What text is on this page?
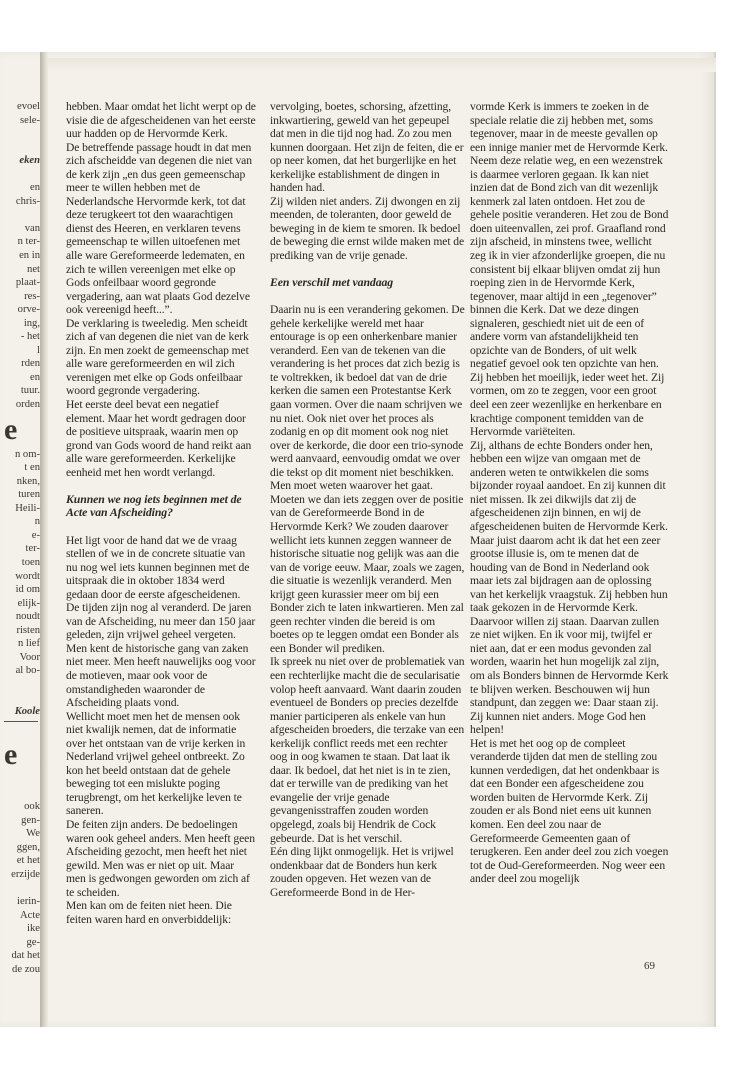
evoel
sele-

eken

en
chris-

van
n ter-
en in
net
plaat-
res-
orve-
ing,
- het
l
rden
en
tuur.
orden
e
n om-
t en
nken,
turen
Heili-
n
e-
ter-
toen
wordt
id om
elijk-
noudt
risten
n lief
Voor
al bo-

Koole

e

ook
gen-
We
ggen,
et het
erzijde

ierin-
Acte
ike
ge-
dat het
de zou

hebben. Maar omdat het licht werpt op de visie die de afgescheidenen van het eerste uur hadden op de Hervormde Kerk.

De betreffende passage houdt in dat men zich afscheidde van degenen die niet van de kerk zijn „en dus geen gemeenschap meer te willen hebben met de Nederlandsche Hervormde kerk, tot dat deze terugkeert tot den waarachtigen dienst des Heeren, en verklaren tevens gemeenschap te willen uitoefenen met alle ware Gereformeerde ledematen, en zich te willen vereenigen met elke op Gods onfeilbaar woord gegronde vergadering, aan wat plaats God dezelve ook vereenigd heeft...”.

De verklaring is tweeledig. Men scheidt zich af van degenen die niet van de kerk zijn. En men zoekt de gemeenschap met alle ware gereformeerden en wil zich verenigen met elke op Gods onfeilbaar woord gegronde vergadering.

Het eerste deel bevat een negatief element. Maar het wordt gedragen door de positieve uitspraak, waarin men op grond van Gods woord de hand reikt aan alle ware gereformeerden. Kerkelijke eenheid met hen wordt verlangd.

Kunnen we nog iets beginnen met de Acte van Afscheiding?

Het ligt voor de hand dat we de vraag stellen of we in de concrete situatie van nu nog wel iets kunnen beginnen met de uitspraak die in oktober 1834 werd gedaan door de eerste afgescheidenen. De tijden zijn nog al veranderd. De jaren van de Afscheiding, nu meer dan 150 jaar geleden, zijn vrijwel geheel vergeten. Men kent de historische gang van zaken niet meer. Men heeft nauwelijks oog voor de motieven, maar ook voor de omstandigheden waaronder de Afscheiding plaats vond.

Wellicht moet men het de mensen ook niet kwalijk nemen, dat de informatie over het ontstaan van de vrije kerken in Nederland vrijwel geheel ontbreekt. Zo kon het beeld ontstaan dat de gehele beweging tot een mislukte poging terugbrengt, om het kerkelijke leven te saneren.

De feiten zijn anders. De bedoelingen waren ook geheel anders. Men heeft geen Afscheiding gezocht, men heeft het niet gewild. Men was er niet op uit. Maar men is gedwongen geworden om zich af te scheiden.

Men kan om de feiten niet heen. Die feiten waren hard en onverbiddelijk:

vervolging, boetes, schorsing, afzetting, inkwartiering, geweld van het gepeupel dat men in die tijd nog had. Zo zou men kunnen doorgaan. Het zijn de feiten, die er op neer komen, dat het burgerlijke en het kerkelijke establishment de dingen in handen had.

Zij wilden niet anders. Zij dwongen en zij meenden, de toleranten, door geweld de beweging in de kiem te smoren. Ik bedoel de beweging die ernst wilde maken met de prediking van de vrije genade.

Een verschil met vandaag

Daarin nu is een verandering gekomen. De gehele kerkelijke wereld met haar entourage is op een onherkenbare manier veranderd. Een van de tekenen van die verandering is het proces dat zich bezig is te voltrekken, ik bedoel dat van de drie kerken die samen een Protestantse Kerk gaan vormen. Over die naam schrijven we nu niet. Ook niet over het proces als zodanig en op dit moment ook nog niet over de kerkorde, die door een trio-synode werd aanvaard, eenvoudig omdat we over die tekst op dit moment niet beschikken.

Men moet weten waarover het gaat. Moeten we dan iets zeggen over de positie van de Gereformeerde Bond in de Hervormde Kerk? We zouden daarover wellicht iets kunnen zeggen wanneer de historische situatie nog gelijk was aan die van de vorige eeuw. Maar, zoals we zagen, die situatie is wezenlijk veranderd. Men krijgt geen kurassier meer om bij een Bonder zich te laten inkwartieren. Men zal geen rechter vinden die bereid is om boetes op te leggen omdat een Bonder als een Bonder wil prediken.

Ik spreek nu niet over de problematiek van een rechterlijke macht die de secularisatie volop heeft aanvaard. Want daarin zouden eventueel de Bonders op precies dezelfde manier participeren als enkele van hun afgescheiden broeders, die terzake van een kerkelijk conflict reeds met een rechter oog in oog kwamen te staan. Dat laat ik daar. Ik bedoel, dat het niet is in te zien, dat er terwille van de prediking van het evangelie der vrije genade gevangenisstraffen zouden worden opgelegd, zoals bij Hendrik de Cock gebeurde. Dat is het verschil.

Eén ding lijkt onmogelijk. Het is vrijwel ondenkbaar dat de Bonders hun kerk zouden opgeven. Het wezen van de Gereformeerde Bond in de Her-

vormde Kerk is immers te zoeken in de speciale relatie die zij hebben met, soms tegenover, maar in de meeste gevallen op een innige manier met de Hervormde Kerk.

Neem deze relatie weg, en een wezenstrek is daarmee verloren gegaan. Ik kan niet inzien dat de Bond zich van dit wezenlijk kenmerk zal laten ontdoen. Het zou de gehele positie veranderen. Het zou de Bond doen uiteenvallen, zei prof. Graafland rond zijn afscheid, in minstens twee, wellicht zeg ik in vier afzonderlijke groepen, die nu consistent bij elkaar blijven omdat zij hun roeping zien in de Hervormde Kerk, tegenover, maar altijd in een „tegenover” binnen die Kerk. Dat we deze dingen signaleren, geschiedt niet uit de een of andere vorm van afstandelijkheid ten opzichte van de Bonders, of uit welk negatief gevoel ook ten opzichte van hen. Zij hebben het moeilijk, ieder weet het. Zij vormen, om zo te zeggen, voor een groot deel een zeer wezenlijke en herkenbare en krachtige component temidden van de Hervormde variëteiten.

Zij, althans de echte Bonders onder hen, hebben een wijze van omgaan met de anderen weten te ontwikkelen die soms bijzonder royaal aandoet. En zij kunnen dit niet missen. Ik zei dikwijls dat zij de afgescheidenen zijn binnen, en wij de afgescheidenen buiten de Hervormde Kerk.

Maar juist daarom acht ik dat het een zeer grootse illusie is, om te menen dat de houding van de Bond in Nederland ook maar iets zal bijdragen aan de oplossing van het kerkelijk vraagstuk. Zij hebben hun taak gekozen in de Hervormde Kerk. Daarvoor willen zij staan. Daarvan zullen ze niet wijken. En ik voor mij, twijfel er niet aan, dat er een modus gevonden zal worden, waarin het hun mogelijk zal zijn, om als Bonders binnen de Hervormde Kerk te blijven werken. Beschouwen wij hun standpunt, dan zeggen we: Daar staan zij. Zij kunnen niet anders. Moge God hen helpen!

Het is met het oog op de compleet veranderde tijden dat men de stelling zou kunnen verdedigen, dat het ondenkbaar is dat een Bonder een afgescheidene zou worden buiten de Hervormde Kerk. Zij zouden er als Bond niet eens uit kunnen komen. Een deel zou naar de Gereformeerde Gemeenten gaan of terugkeren. Een ander deel zou zich voegen tot de Oud-Gereformeerden. Nog weer een ander deel zou mogelijk

69
